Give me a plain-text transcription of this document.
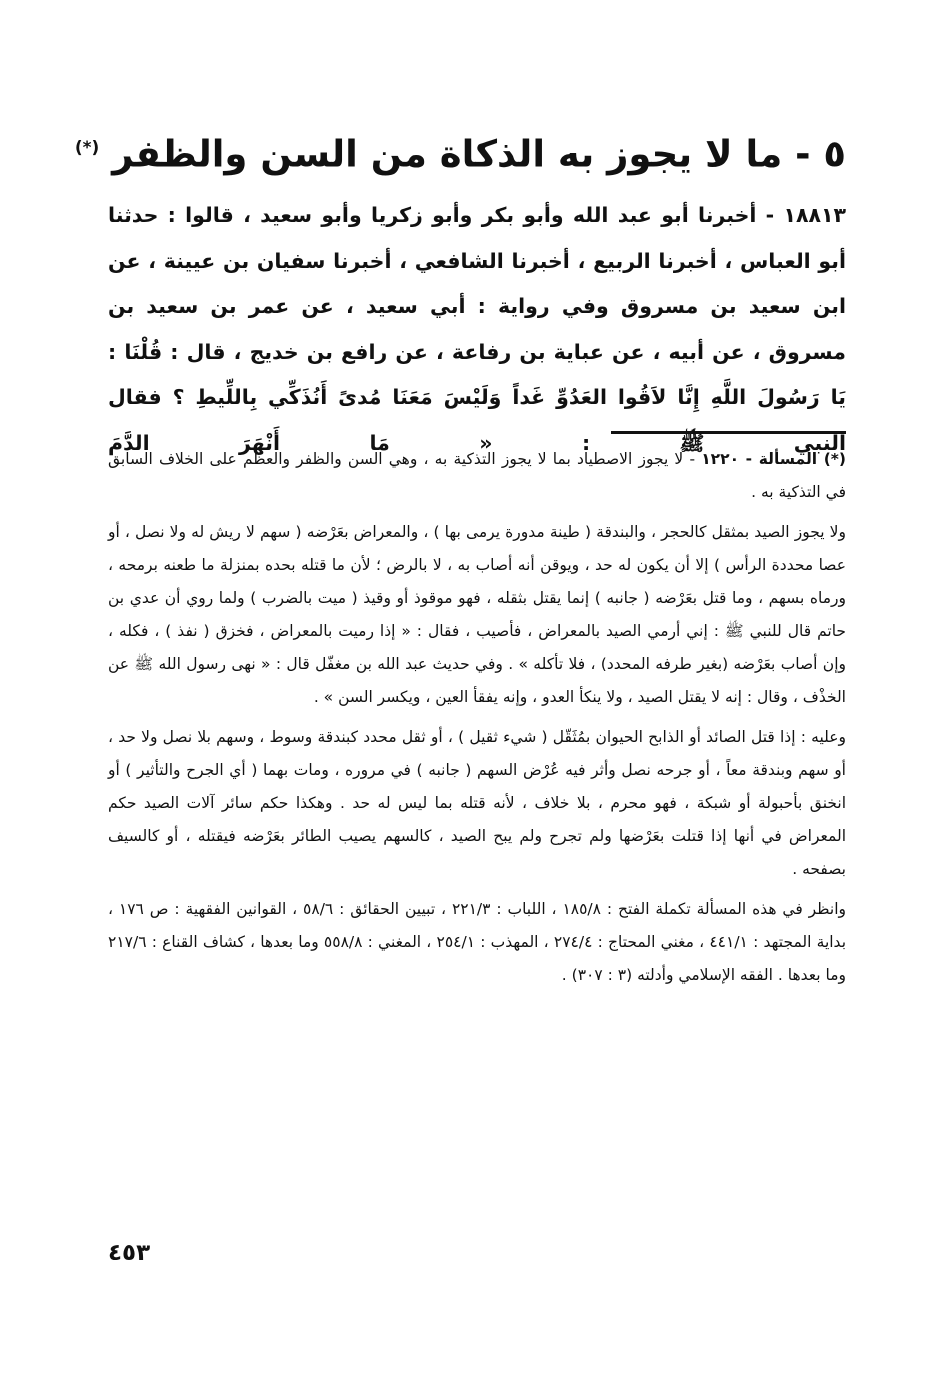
٥ - ما لا يجوز به الذكاة من السن والظفر (*)
١٨٨١٣ - أخبرنا أبو عبد الله وأبو بكر وأبو زكريا وأبو سعيد ، قالوا : حدثنا أبو العباس ، أخبرنا الربيع ، أخبرنا الشافعي ، أخبرنا سفيان بن عيينة ، عن ابن سعيد بن مسروق وفي رواية : أبي سعيد ، عن عمر بن سعيد بن مسروق ، عن أبيه ، عن عباية بن رفاعة ، عن رافع بن خديج ، قال : قُلْنَا : يَا رَسُولَ اللَّهِ إِنَّا لاَقُوا العَدُوِّ غَداً وَلَيْسَ مَعَنَا مُدىً أَنُذَكِّي بِاللِّيطِ ؟ فقال النبي ﷺ : « مَا أَنْهَرَ الدَّمَ

(*) المسألة - ١٢٢٠ - لا يجوز الاصطياد بما لا يجوز التذكية به ، وهي السن والظفر والعظم على الخلاف السابق في التذكية به .

ولا يجوز الصيد بمثقل كالحجر ، والبندقة ( طينة مدورة يرمى بها ) ، والمعراض بعَرْضه ( سهم لا ريش له ولا نصل ، أو عصا محددة الرأس ) إلا أن يكون له حد ، ويوقن أنه أصاب به ، لا بالرض ؛ لأن ما قتله بحده بمنزلة ما طعنه برمحه ، ورماه بسهم ، وما قتل بعَرْضه ( جانبه ) إنما يقتل بثقله ، فهو موقوذ أو وقيذ ( ميت بالضرب ) ولما روي أن عدي بن حاتم قال للنبي ﷺ : إني أرمي الصيد بالمعراض ، فأصيب ، فقال : « إذا رميت بالمعراض ، فخزق ( نفذ ) ، فكله ، وإن أصاب بعَرْضه (بغير طرفه المحدد) ، فلا تأكله » . وفي حديث عبد الله بن مغفّل قال : « نهى رسول الله ﷺ عن الخذْف ، وقال : إنه لا يقتل الصيد ، ولا ينكأ العدو ، وإنه يفقأ العين ، ويكسر السن » .

وعليه : إذا قتل الصائد أو الذابح الحيوان بمُثَقّل ( شيء ثقيل ) ، أو ثقل محدد كبندقة وسوط ، وسهم بلا نصل ولا حد ، أو سهم وبندقة معاً ، أو جرحه نصل وأثر فيه عُرْض السهم ( جانبه ) في مروره ، ومات بهما ( أي الجرح والتأثير ) أو انخنق بأحبولة أو شبكة ، فهو محرم ، بلا خلاف ، لأنه قتله بما ليس له حد . وهكذا حكم سائر آلات الصيد حكم المعراض في أنها إذا قتلت بعَرْضها ولم تجرح ولم يبح الصيد ، كالسهم يصيب الطائر بعَرْضه فيقتله ، أو كالسيف بصفحه .

وانظر في هذه المسألة تكملة الفتح : ١٨٥/٨ ، اللباب : ٢٢١/٣ ، تبيين الحقائق : ٥٨/٦ ، القوانين الفقهية : ص ١٧٦ ، بداية المجتهد : ٤٤١/١ ، مغني المحتاج : ٢٧٤/٤ ، المهذب : ٢٥٤/١ ، المغني : ٥٥٨/٨ وما بعدها ، كشاف القناع : ٢١٧/٦ وما بعدها . الفقه الإسلامي وأدلته (٣ : ٣٠٧) .

٤٥٣
